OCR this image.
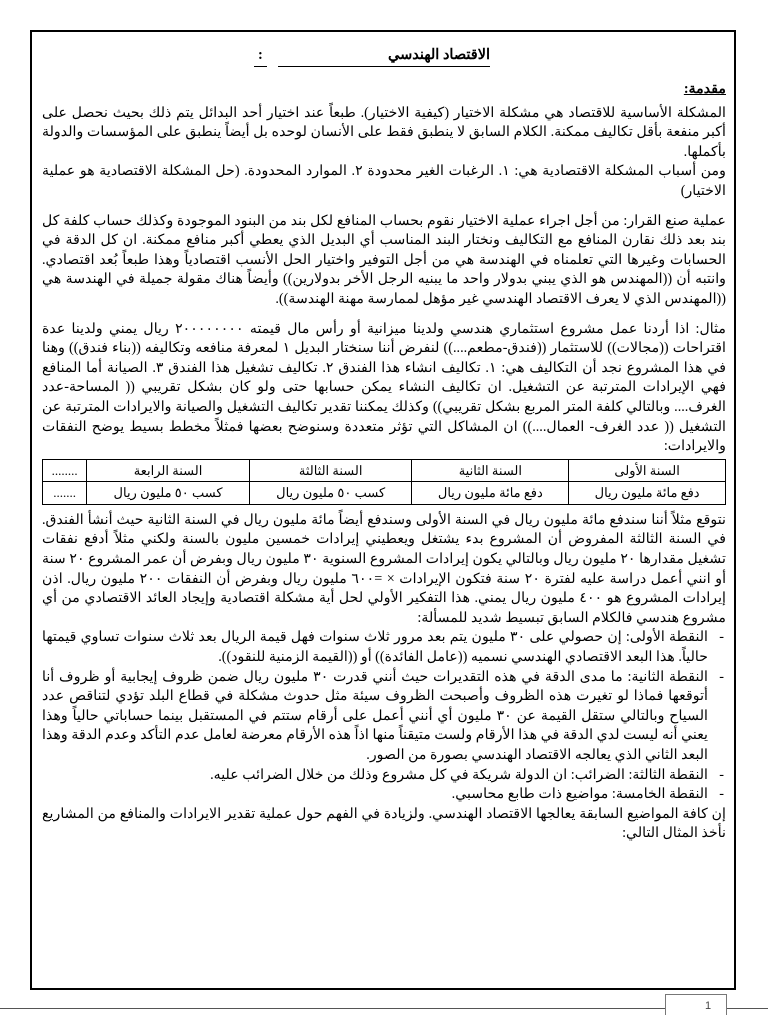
الاقتصاد الهندسي
:
مقدمة:

المشكلة الأساسية للاقتصاد هي مشكلة الاختيار (كيفية الاختيار). طبعاً عند اختيار أحد البدائل يتم ذلك بحيث نحصل على أكبر منفعة بأقل تكاليف ممكنة. الكلام السابق لا ينطبق فقط على الأنسان لوحده بل أيضاً ينطبق على المؤسسات والدولة بأكملها.

ومن أسباب المشكلة الاقتصادية هي: ١. الرغبات الغير محدودة ٢. الموارد المحدودة. (حل المشكلة الاقتصادية هو عملية الاختيار)

عملية صنع القرار: من أجل اجراء عملية الاختيار نقوم بحساب المنافع لكل بند من البنود الموجودة وكذلك حساب كلفة كل بند بعد ذلك نقارن المنافع مع التكاليف ونختار البند المناسب أي البديل الذي يعطي أكبر منافع ممكنة. ان كل الدقة في الحسابات وغيرها التي تعلمناه في الهندسة هي من أجل التوفير واختيار الحل الأنسب اقتصادياً وهذا طبعاً بُعد اقتصادي. وانتبه أن ((المهندس هو الذي يبني بدولار واحد ما يبنيه الرجل الأخر بدولارين)) وأيضاً هناك مقولة جميلة في الهندسة هي ((المهندس الذي لا يعرف الاقتصاد الهندسي غير مؤهل لممارسة مهنة الهندسة)).

مثال: اذا أردنا عمل مشروع استثماري هندسي ولدينا ميزانية أو رأس مال قيمته ٢٠٠٠٠٠٠٠٠ ريال يمني ولدينا عدة اقتراحات ((مجالات)) للاستثمار ((فندق-مطعم....)) لنفرض أننا سنختار البديل ١ لمعرفة منافعه وتكاليفه ((بناء فندق)) وهنا في هذا المشروع نجد أن التكاليف هي: ١. تكاليف انشاء هذا الفندق ٢. تكاليف تشغيل هذا الفندق ٣. الصيانة أما المنافع فهي الإيرادات المترتبة عن التشغيل. ان تكاليف النشاء يمكن حسابها حتى ولو كان بشكل تقريبي (( المساحة-عدد الغرف.... وبالتالي كلفة المتر المربع بشكل تقريبي)) وكذلك يمكننا تقدير تكاليف التشغيل والصيانة والايرادات المترتبة عن التشغيل (( عدد الغرف- العمال....)) ان المشاكل التي تؤثر متعددة وسنوضح بعضها فمثلاً مخطط بسيط يوضح النفقات والايرادات:

السنة الأولى	السنة الثانية	السنة الثالثة	السنة الرابعة	........
دفع مائة مليون ريال	دفع مائة مليون ريال	كسب ٥٠ مليون ريال	كسب ٥٠ مليون ريال	.......

نتوقع مثلاً أننا سندفع مائة مليون ريال في السنة الأولى وسندفع أيضاً مائة مليون ريال في السنة الثانية حيث أنشأ الفندق. في السنة الثالثة المفروض أن المشروع بدء يشتغل ويعطيني إيرادات خمسين مليون بالسنة ولكني مثلاً أدفع نفقات تشغيل مقدارها ٢٠ مليون ريال وبالتالي يكون إيرادات المشروع السنوية ٣٠ مليون ريال وبفرض أن عمر المشروع ٢٠ سنة أو انني أعمل دراسة عليه لفترة ٢٠ سنة فتكون الإيرادات × =٦٠٠ مليون ريال وبفرض أن النفقات ٢٠٠ مليون ريال. اذن إيرادات المشروع هو ٤٠٠ مليون ريال يمني. هذا التفكير الأولي لحل أية مشكلة اقتصادية وإيجاد العائد الاقتصادي من أي مشروع هندسي فالكلام السابق تبسيط شديد للمسألة:

- النقطة الأولى: إن حصولي على ٣٠ مليون يتم بعد مرور ثلاث سنوات فهل قيمة الريال بعد ثلاث سنوات تساوي قيمتها حالياً. هذا البعد الاقتصادي الهندسي نسميه ((عامل الفائدة)) أو ((القيمة الزمنية للنقود)).
- النقطة الثانية: ما مدى الدقة في هذه التقديرات حيث أنني قدرت ٣٠ مليون ريال ضمن ظروف إيجابية أو ظروف أنا أتوقعها فماذا لو تغيرت هذه الظروف وأصبحت الظروف سيئة مثل حدوث مشكلة في قطاع البلد تؤدي لتناقص عدد السياح وبالتالي ستقل القيمة عن ٣٠ مليون أي أنني أعمل على أرقام ستتم في المستقبل بينما حساباتي حالياً وهذا يعني أنه ليست لدي الدقة في هذا الأرقام ولست متيقناً منها اذاً هذه الأرقام معرضة لعامل عدم التأكد وعدم الدقة وهذا البعد الثاني الذي يعالجه الاقتصاد الهندسي بصورة من الصور.
- النقطة الثالثة: الضرائب: ان الدولة شريكة في كل مشروع وذلك من خلال الضرائب عليه.
- النقطة الخامسة: مواضيع ذات طابع محاسبي.

إن كافة المواضيع السابقة يعالجها الاقتصاد الهندسي. ولزيادة في الفهم حول عملية تقدير الايرادات والمنافع من المشاريع نأخذ المثال التالي:

1
